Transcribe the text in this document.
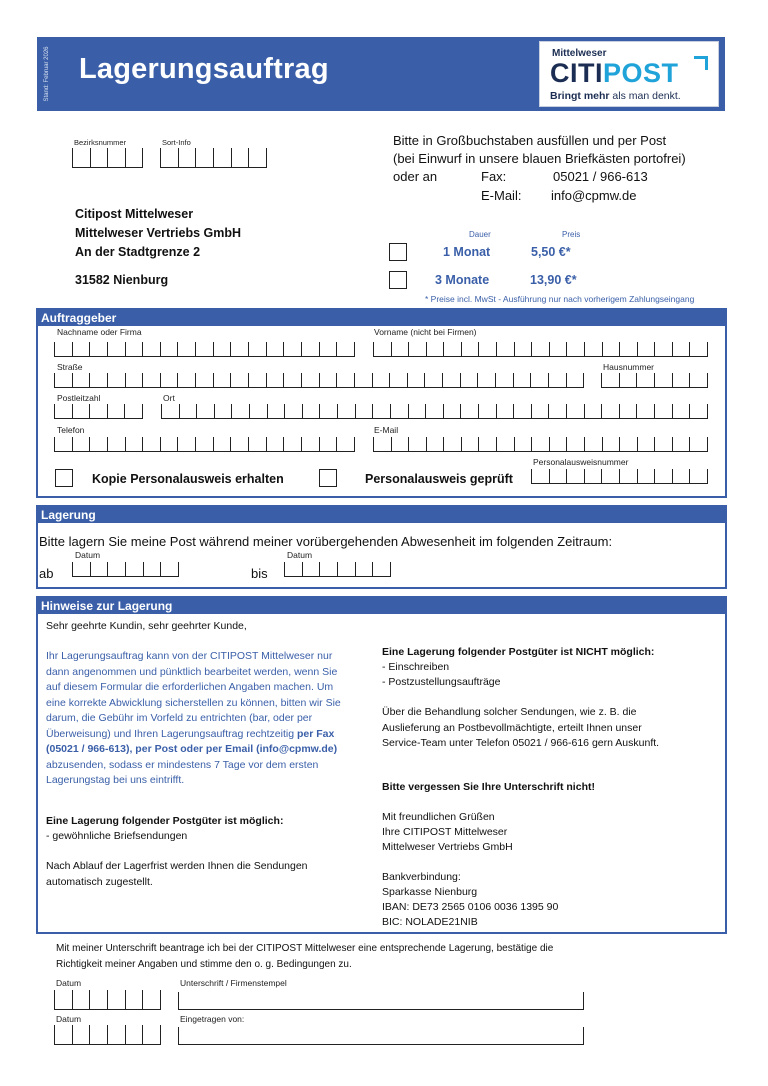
Stand: Februar 2026 Lagerungsauftrag	Mittelweser
CITIPOST
Bringt mehr als man denkt.
Bezirksnummer	Sort-Info
Citipost Mittelweser
Mittelweser Vertriebs GmbH
An der Stadtgrenze 2
31582 Nienburg
Bitte in Großbuchstaben ausfüllen und per Post
(bei Einwurf in unsere blauen Briefkästen portofrei)
oder an	Fax:	05021 / 966-613
E-Mail: info@cpmw.de
Dauer	Preis
1 Monat	5,50 €*
3 Monate	13,90 €*
* Preise incl. MwSt - Ausführung nur nach vorherigem Zahlungseingang
Auftraggeber
Nachname oder Firma	Vorname (nicht bei Firmen)
Straße	Hausnummer
Postleitzahl	Ort
Telefon	E-Mail
Kopie Personalausweis erhalten	Personalausweis geprüft
Personalausweisnummer
Lagerung
Bitte lagern Sie meine Post während meiner vorübergehenden Abwesenheit im folgenden Zeitraum:
Datum
ab
Datum
bis
Hinweise zur Lagerung
Sehr geehrte Kundin, sehr geehrter Kunde,
Ihr Lagerungsauftrag kann von der CITIPOST Mittelweser nur dann angenommen und pünktlich bearbeitet werden, wenn Sie auf diesem Formular die erforderlichen Angaben machen. Um eine korrekte Abwicklung sicherstellen zu können, bitten wir Sie darum, die Gebühr im Vorfeld zu entrichten (bar, oder per Überweisung) und Ihren Lagerungsauftrag rechtzeitig per Fax (05021 / 966-613), per Post oder per Email (info@cpmw.de) abzusenden, sodass er mindestens 7 Tage vor dem ersten Lagerungstag bei uns eintrifft.
Eine Lagerung folgender Postgüter ist möglich:
- gewöhnliche Briefsendungen
Nach Ablauf der Lagerfrist werden Ihnen die Sendungen automatisch zugestellt.
Eine Lagerung folgender Postgüter ist NICHT möglich:
- Einschreiben
- Postzustellungsaufträge
Über die Behandlung solcher Sendungen, wie z. B. die Auslieferung an Postbevollmächtigte, erteilt Ihnen unser Service-Team unter Telefon 05021 / 966-616 gern Auskunft.
Bitte vergessen Sie Ihre Unterschrift nicht!
Mit freundlichen Grüßen
Ihre CITIPOST Mittelweser
Mittelweser Vertriebs GmbH
Bankverbindung:
Sparkasse Nienburg
IBAN: DE73 2565 0106 0036 1395 90
BIC: NOLADE21NIB
Mit meiner Unterschrift beantrage ich bei der CITIPOST Mittelweser eine entsprechende Lagerung, bestätige die Richtigkeit meiner Angaben und stimme den o. g. Bedingungen zu.
Datum	Unterschrift / Firmenstempel
Datum	Eingetragen von:
